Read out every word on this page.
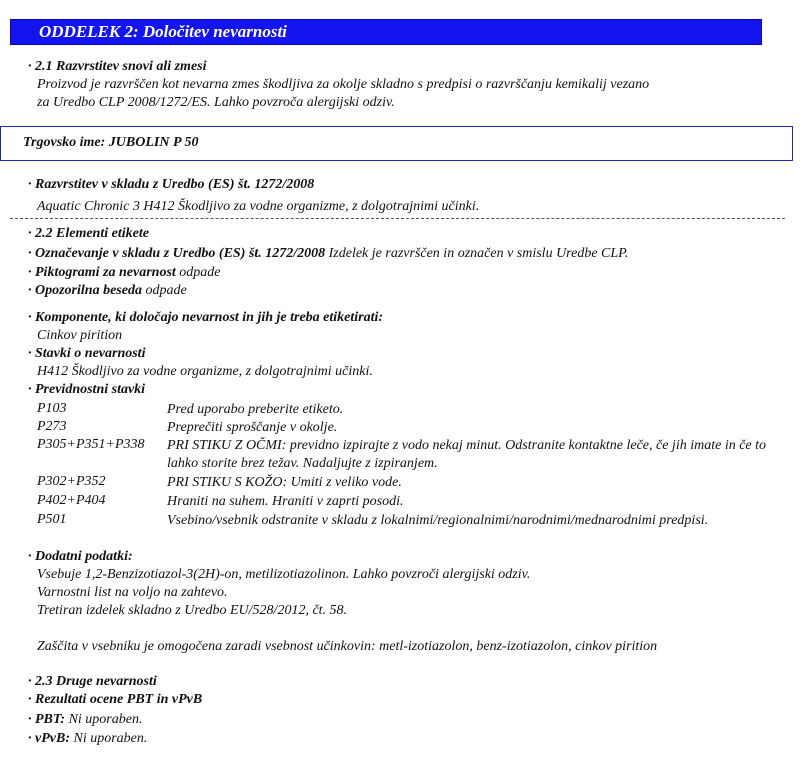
ODDELEK 2: Določitev nevarnosti
· 2.1 Razvrstitev snovi ali zmesi
Proizvod je razvrščen kot nevarna zmes škodljiva za okolje skladno s predpisi o razvrščanju kemikalij vezano
za Uredbo CLP 2008/1272/ES. Lahko povzroča alergijski odziv.
Trgovsko ime: JUBOLIN P 50
· Razvrstitev v skladu z Uredbo (ES) št. 1272/2008
Aquatic Chronic 3 H412 Škodljivo za vodne organizme, z dolgotrajnimi učinki.
· 2.2 Elementi etikete
· Označevanje v skladu z Uredbo (ES) št. 1272/2008 Izdelek je razvrščen in označen v smislu Uredbe CLP.
· Piktogrami za nevarnost odpade
· Opozorilna beseda odpade
· Komponente, ki določajo nevarnost in jih je treba etiketirati:
Cinkov pirition
· Stavki o nevarnosti
H412 Škodljivo za vodne organizme, z dolgotrajnimi učinki.
· Previdnostni stavki
P103	Pred uporabo preberite etiketo.
P273	Preprečiti sproščanje v okolje.
P305+P351+P338 PRI STIKU Z OČMI: previdno izpirajte z vodo nekaj minut. Odstranite kontaktne leče, če jih imate in če to lahko storite brez težav. Nadaljujte z izpiranjem.
P302+P352	PRI STIKU S KOŽO: Umiti z veliko vode.
P402+P404	Hraniti na suhem. Hraniti v zaprti posodi.
P501	Vsebino/vsebnik odstranite v skladu z lokalnimi/regionalnimi/narodnimi/mednarodnimi predpisi.
· Dodatni podatki:
Vsebuje 1,2-Benzizotiazol-3(2H)-on, metilizotiazolinon. Lahko povzroči alergijski odziv.
Varnostni list na voljo na zahtevo.
Tretiran izdelek skladno z Uredbo EU/528/2012, čt. 58.
Zaščita v vsebniku je omogočena zaradi vsebnost učinkovin: metl-izotiazolon, benz-izotiazolon, cinkov pirition
· 2.3 Druge nevarnosti
· Rezultati ocene PBT in vPvB
· PBT: Ni uporaben.
· vPvB: Ni uporaben.
